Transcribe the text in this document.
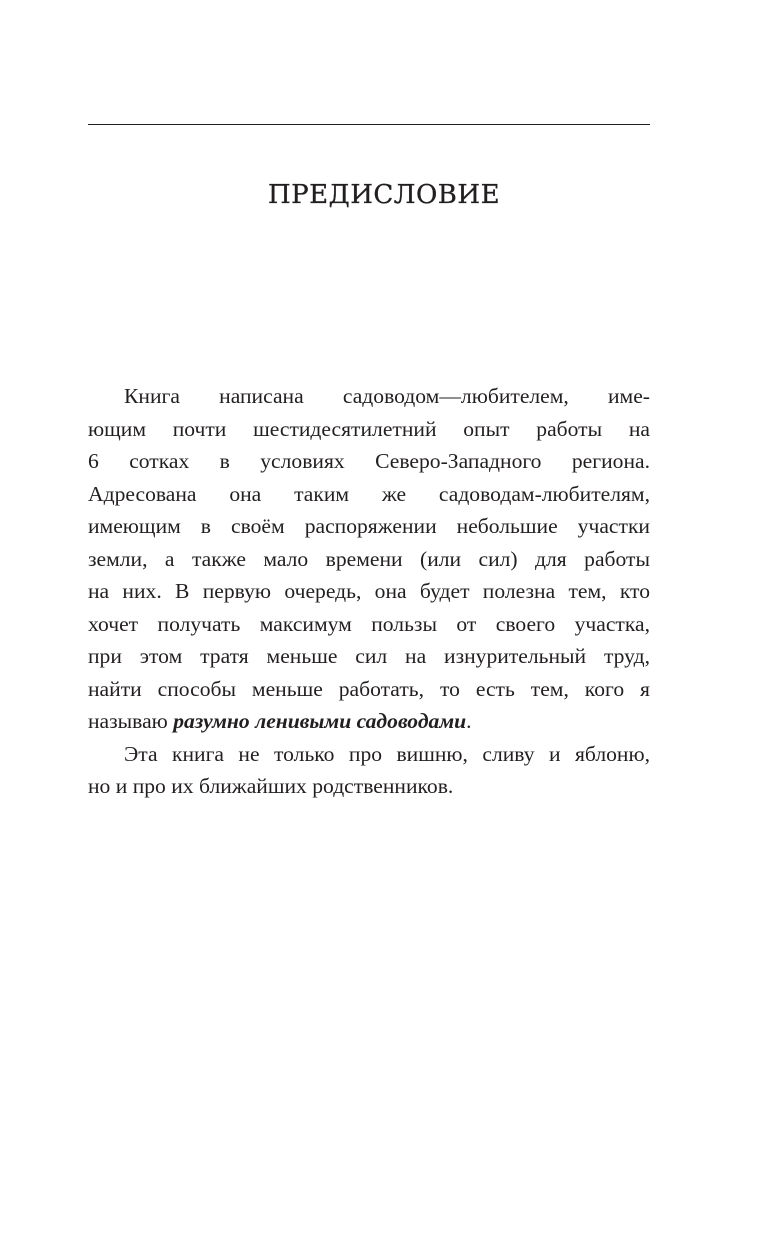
ПРЕДИСЛОВИЕ
Книга написана садоводом—любителем, име-
ющим почти шестидесятилетний опыт работы на
6 сотках в условиях Северо-Западного региона.
Адресована она таким же садоводам-любителям,
имеющим в своём распоряжении небольшие участки
земли, а также мало времени (или сил) для работы
на них. В первую очередь, она будет полезна тем, кто
хочет получать максимум пользы от своего участка,
при этом тратя меньше сил на изнурительный труд,
найти способы меньше работать, то есть тем, кого я
называю разумно ленивыми садоводами.
Эта книга не только про вишню, сливу и яблоню,
но и про их ближайших родственников.
